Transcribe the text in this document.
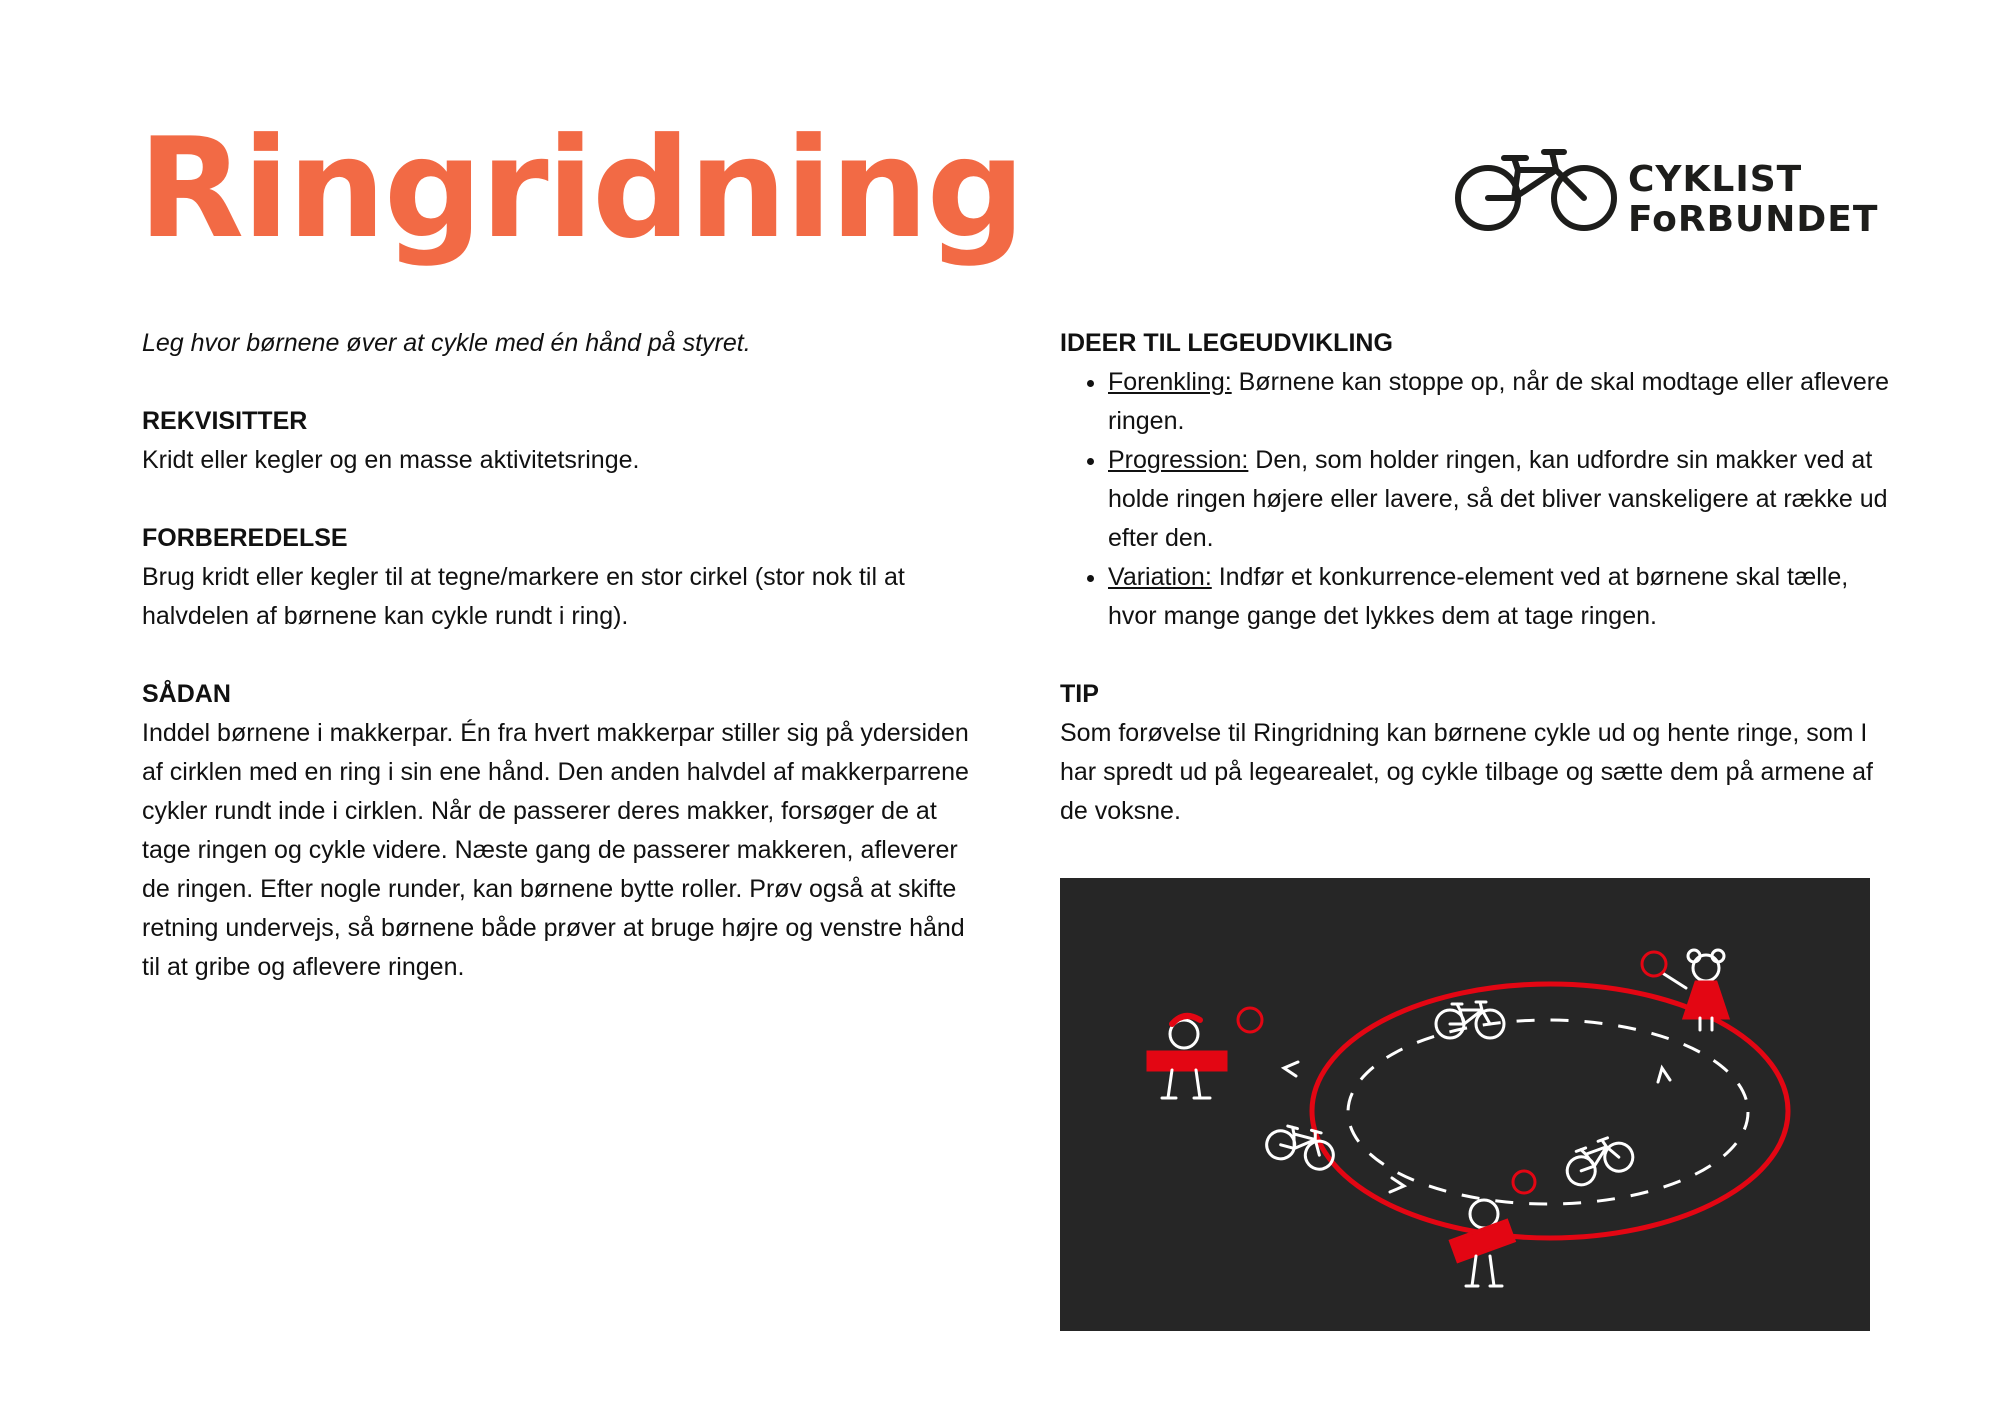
Ringridning	CYKLIST
FoRBUNDET

Leg hvor børnene øver at cykle med én hånd på styret.

REKVISITTER

Kridt eller kegler og en masse aktivitetsringe.

FORBEREDELSE

Brug kridt eller kegler til at tegne/markere en stor cirkel (stor nok til at halvdelen af børnene kan cykle rundt i ring).

SÅDAN

Inddel børnene i makkerpar. Én fra hvert makkerpar stiller sig på ydersiden af cirklen med en ring i sin ene hånd. Den anden halvdel af makkerparrene cykler rundt inde i cirklen. Når de passerer deres makker, forsøger de at tage ringen og cykle videre. Næste gang de passerer makkeren, afleverer de ringen. Efter nogle runder, kan børnene bytte roller. Prøv også at skifte retning undervejs, så børnene både prøver at bruge højre og venstre hånd til at gribe og aflevere ringen.

IDEER TIL LEGEUDVIKLING

• Forenkling: Børnene kan stoppe op, når de skal modtage eller aflevere ringen.
• Progression: Den, som holder ringen, kan udfordre sin makker ved at holde ringen højere eller lavere, så det bliver vanskeligere at række ud efter den.
• Variation: Indfør et konkurrence-element ved at børnene skal tælle, hvor mange gange det lykkes dem at tage ringen.

TIP

Som forøvelse til Ringridning kan børnene cykle ud og hente ringe, som I har spredt ud på legearealet, og cykle tilbage og sætte dem på armene af de voksne.
